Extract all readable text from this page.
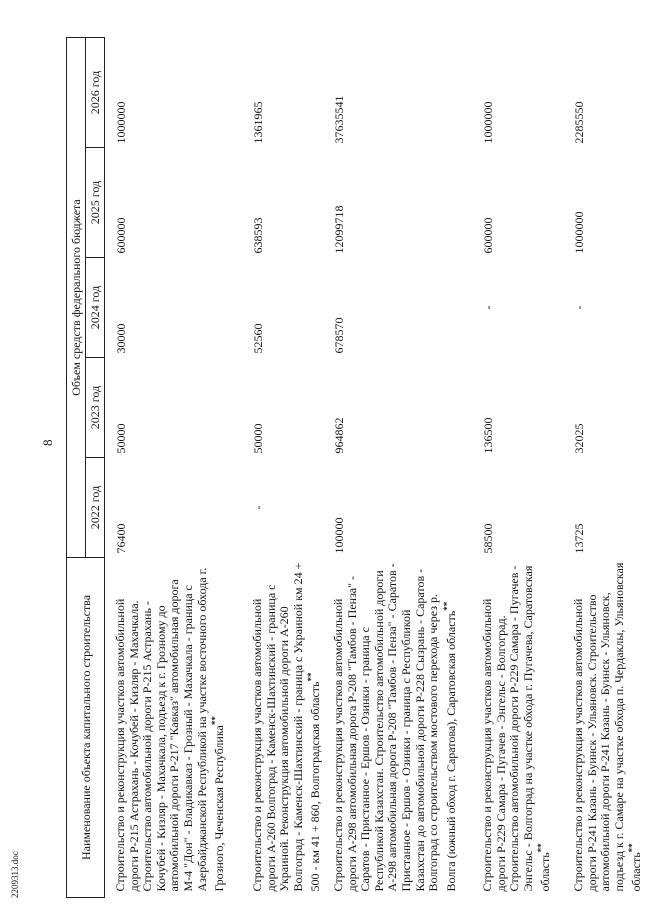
8
2209313.doc
Наименование объекта капитального строительства	Объем средств федерального бюджета				
	2022 год	2023 год	2024 год	2025 год	2026 год
Строительство и реконструкция участков автомобильной дороги Р-215 Астрахань - Кочубей - Кизляр - Махачкала. Строительство автомобильной дороги Р-215 Астрахань - Кочубей - Кизляр - Махачкала, подъезд к г. Грозному до автомобильной дороги Р-217 "Кавказ" автомобильная дорога М-4 "Дон" - Владикавказ - Грозный - Махачкала - граница с Азербайджанской Республикой на участке восточного обхода г. Грозного, Чеченская Республика**	76400	50000	30000	600000	1000000
Строительство и реконструкция участков автомобильной дороги А-260 Волгоград - Каменск-Шахтинский - граница с Украиной. Реконструкция автомобильной дороги А-260 Волгоград - Каменск-Шахтинский - граница с Украиной км 24 + 500 - км 41 + 860, Волгоградская область**	-	50000	52560	638593	1361965
Строительство и реконструкция участков автомобильной дороги А-298 автомобильная дорога Р-208 "Тамбов - Пенза" - Саратов - Пристанное - Ершов - Озинки - граница с Республикой Казахстан. Строительство автомобильной дороги А-298 автомобильная дорога Р-208 "Тамбов - Пенза" - Саратов - Пристанное - Ершов - Озинки - граница с Республикой Казахстан до автомобильной дороги Р-228 Сызрань - Саратов - Волгоград со строительством мостового перехода через р. Волга (южный обход г. Саратова), Саратовская область**	100000	964862	678570	12099718	37635541
Строительство и реконструкция участков автомобильной дороги Р-229 Самара - Пугачев - Энгельс - Волгоград. Строительство автомобильной дороги Р-229 Самара - Пугачев - Энгельс - Волгоград на участке обхода г. Пугачева, Саратовская область**	58500	136500	-	600000	1000000
Строительство и реконструкция участков автомобильной дороги Р-241 Казань - Буинск - Ульяновск. Строительство автомобильной дороги Р-241 Казань - Буинск - Ульяновск, подъезд к г. Самаре на участке обхода п. Чердаклы, Ульяновская область**	13725	32025	-	1000000	2285550
